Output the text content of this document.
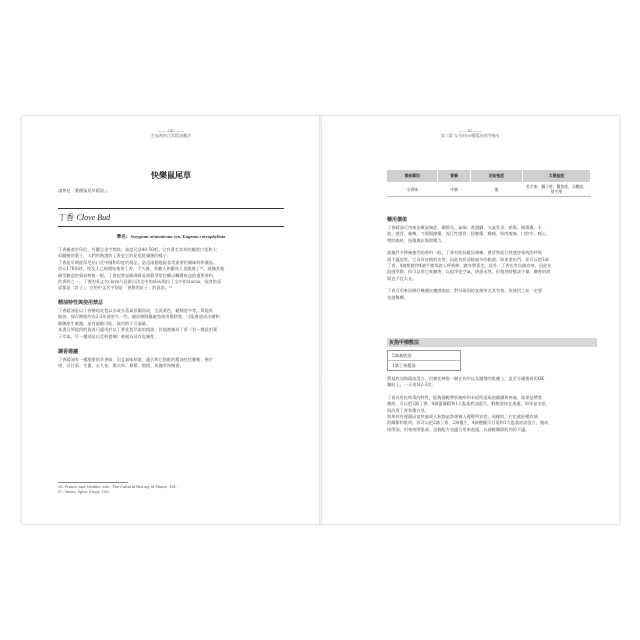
—— 342 ——
在家裡的日常精油魔法
快樂鼠尾草
請參見「薰種鼠尾草精油」。
丁香 Clove Bud
學名：Syzygium aromaticum syn. Eugenia caryophyllata
丁香樹產於印尼，外觀呈金字塔狀，高度可達40-50呎。它有著毛茸茸的橢狀白花和大
而翻捲的葉子，人們所熟悉的丁香是它的花苞乾燥後的樣子。
丁香是早期從印尼出口至中國和印度的商品，是這兩個地區非常重要的調味料和藥品。
西元176年時，埃及人已經開始使用丁香，不久後，希臘人和羅馬人也跟進了⁵⁶。就像其他
備受歡迎的貿易物資一般，丁香也曾是歐洲貿易商競爭掌控權以轉賣收益的重要香料，
的香料之一。丁香的英文名clove乃是源自法文中的clou與拉丁文中的clavus，兩者的意
思都是「釘子」，它的中文名字則是「香甜的釘子」的意思。⁵⁷
精油特性與使用禁忌
丁香精油是以丁香樹的花苞以水或水蒸氣蒸餾而成，呈淡黃色，黏稠度中等，質地有
點油，保存期限約為2-3年或更久一些，儲存期間應避免使用塑膠瓶：可能會造成皮膚和
黏膜產生刺激，並有過敏可能，使用時不可過量。
本書目所提供的資訊只適用於以丁香花苞萃取的精油，其他被稱為丁香（有一種是用葉
子萃取，另一種則是以莖幹提煉）被視為具有危險性。
調香建議
丁香精油有一種甜甜的辛香味，而且氣味厚重，適合和它搭配的精油包括羅勒、佛手
柑、洋甘菊、生薑、永久花、薰衣草、檸檬、甜橙、玫瑰草和檀香。
56. Prance and Nesbitt, eds., The Cultural History of Plants, 161.
57. Weiss, Spice Crops, 106.
—— 43 ——
第八篇 女巫的60種精油使用指南
氣味類別	香調	初始強度	太陽星座
辛香味	中調	強	牡羊座、獅子座、雙魚座、天蠍座、射手座
藥用價值
丁香精油可用來治療氣喘症、關節炎、氣喘、香港腳、支氣管炎、瘀傷、燒傷傷、水
泡、感冒、咳嗽、刀傷與擦傷、流行性感冒、扭軟傷、腫痛、肌肉痠痛、口腔中、噁心、
帶狀皰疹、扭傷與拉傷和壓力。
就像許多傳統強烈的香料一般，丁香有助舒緩因咳嗽、感冒和流行性感冒導致的呼吸
道不適症狀，它具有祛痰的功效，因此有助清除過多的黏液。如果要出門，你可以把3滴
丁香、4滴甜橙和4滴牛膝草滴入呼吸棒，隨身帶著走。此外，丁香也有抗菌功效，因此在
流感季節，你可以用它來擴香，以提淨化空氣，防患未然。但使用時應該少量，擴香的時
間也不宜太長。
丁香可用來治療好幾種皮膚感染症，對付頑固的灰指甲尤其有效。但使用之前一定要
先做稀釋。
灰指甲擦敷法
5滴基底油
1滴丁香精油
將基底油與精油混合，用棉花棒推一層在你甲以及邊緣的肌膚上，直至分鐘後再用OK
繃貼上，一天塗抹2-3次。
丁香具有抗病毒的特性，能夠減輕帶狀皰疹和水痘所造成的癢癢和疼痛，如果是帶狀
皰疹，可以把2滴丁香、4滴薔薇精和1大匙基底油混合，輕輕塗抹在患處，如果是水痘，
則改用丁香和薰衣草。
如果你有溼濕因宿疾過或入秋都是都會被人溼暖所安慰，同樣的，它也就舒緩疼痛
的關節和肌肉。你可以把2滴丁香、2滴薑生，4滴鹽羅浮甘菊和1大匙基底油混合，做成
按摩油，用來按摩患部。這個配方也適合用來泡澡，以減輕關節肌肉的不適。
